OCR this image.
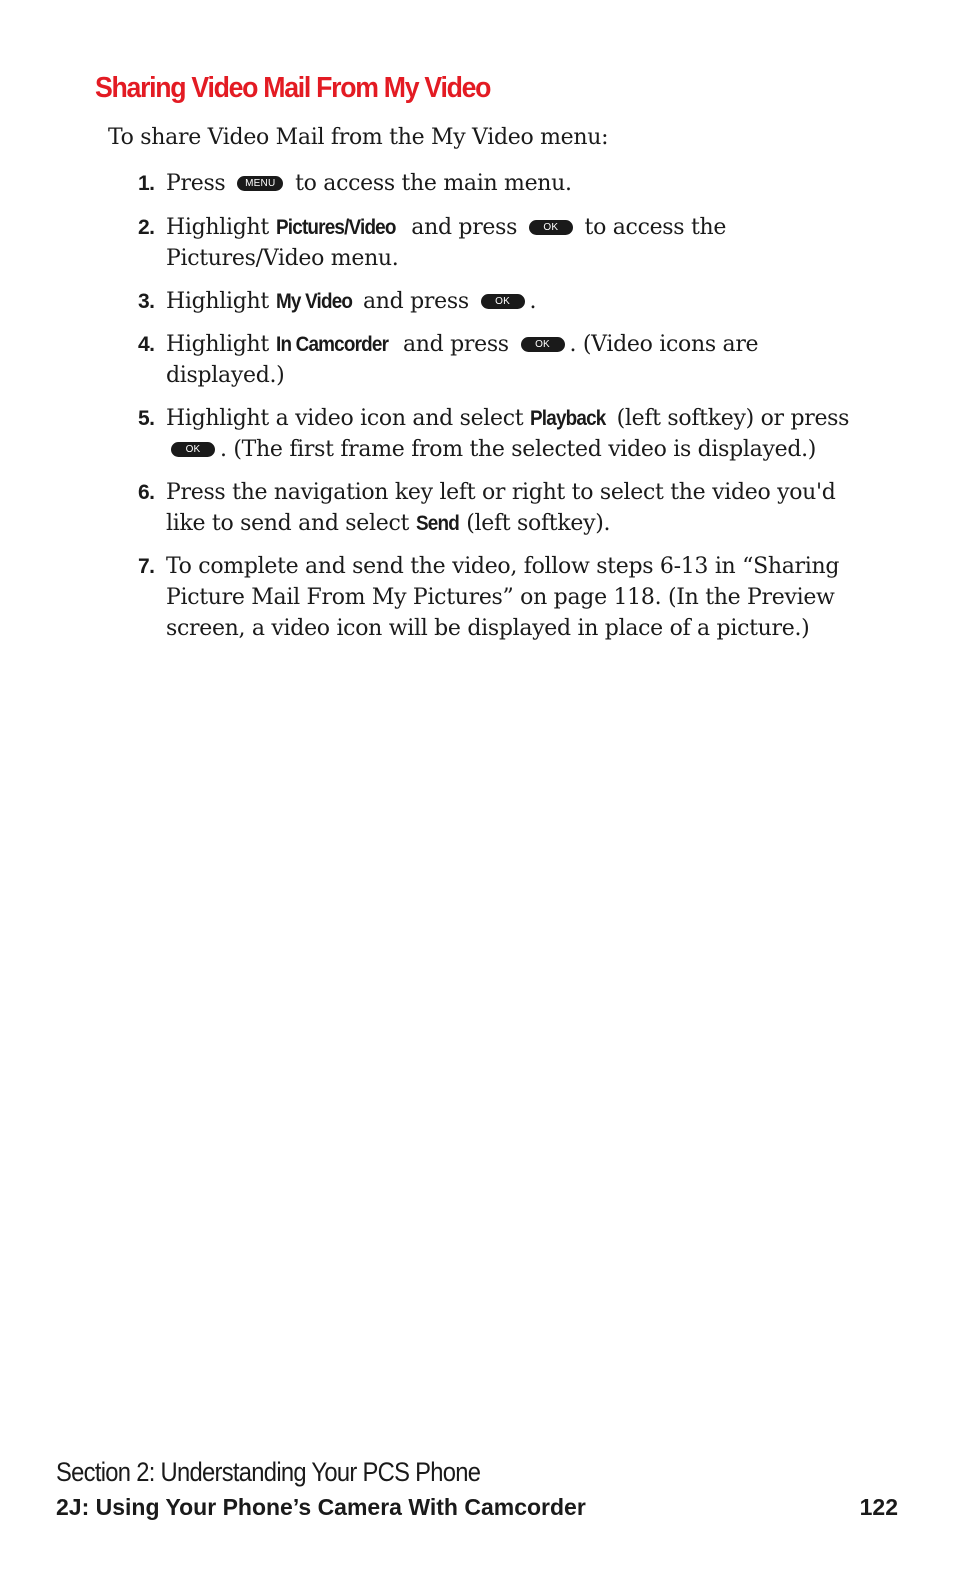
Sharing Video Mail From My Video
To share Video Mail from the My Video menu:
1. Press MENU to access the main menu.
2. Highlight Pictures/Video and press	OK to access the Pictures/Video menu.
3. Highlight My Video and press	OK .
4. Highlight In Camcorder and press	OK . (Video icons are displayed.)
5. Highlight a video icon and select Playback (left softkey) or press OK . (The first frame from the selected video is displayed.)
6. Press the navigation key left or right to select the video you'd like to send and select Send (left softkey).
7. To complete and send the video, follow steps 6-13 in “Sharing Picture Mail From My Pictures” on page 118. (In the Preview screen, a video icon will be displayed in place of a picture.)
Section 2: Understanding Your PCS Phone
2J: Using Your Phone’s Camera With Camcorder	122
